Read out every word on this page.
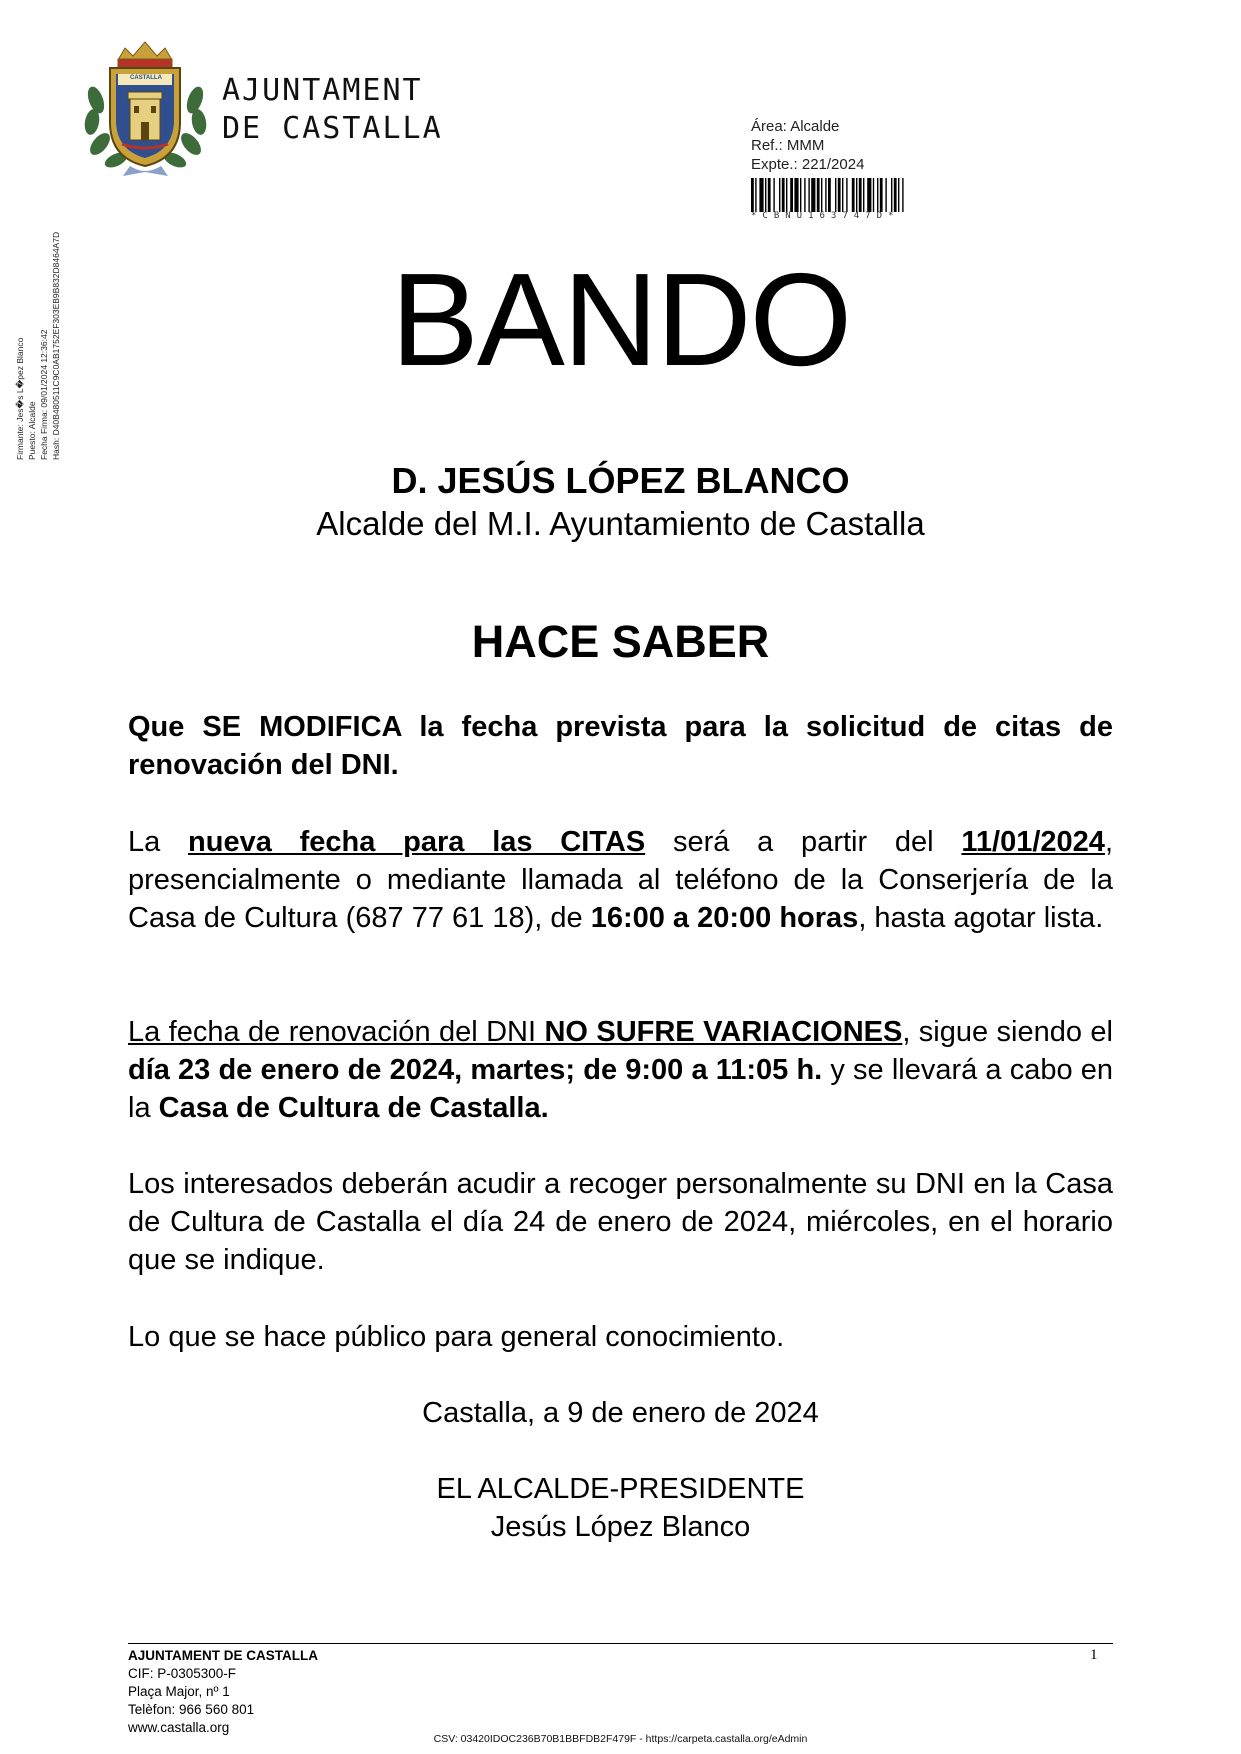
CASTALLA AJUNTAMENT
DE CASTALLA	Área: Alcalde
Ref.: MMM
Expte.: 221/2024
*CBNU163747D*
Firmante: Jes�s L�pez Blanco Puesto: Alcalde Fecha Firma: 09/01/2024 12:36:42 Hash: D40B480511C9C0AB1752EF303EB9B832D8464A7D	BANDO
D. JESÚS LÓPEZ BLANCO
Alcalde del M.I. Ayuntamiento de Castalla
HACE SABER
Que SE MODIFICA la fecha prevista para la solicitud de citas de renovación del DNI.
La nueva fecha para las CITAS será a partir del 11/01/2024, presencialmente o mediante llamada al teléfono de la Conserjería de la Casa de Cultura (687 77 61 18), de 16:00 a 20:00 horas, hasta agotar lista.
La fecha de renovación del DNI NO SUFRE VARIACIONES, sigue siendo el día 23 de enero de 2024, martes; de 9:00 a 11:05 h. y se llevará a cabo en la Casa de Cultura de Castalla.
Los interesados deberán acudir a recoger personalmente su DNI en la Casa de Cultura de Castalla el día 24 de enero de 2024, miércoles, en el horario que se indique.
Lo que se hace público para general conocimiento.
Castalla, a 9 de enero de 2024
EL ALCALDE-PRESIDENTE
Jesús López Blanco
AJUNTAMENT DE CASTALLA
CIF: P-0305300-F
Plaça Major, nº 1
Telèfon: 966 560 801
www.castalla.org
1
CSV: 03420IDOC236B70B1BBFDB2F479F - https://carpeta.castalla.org/eAdmin
